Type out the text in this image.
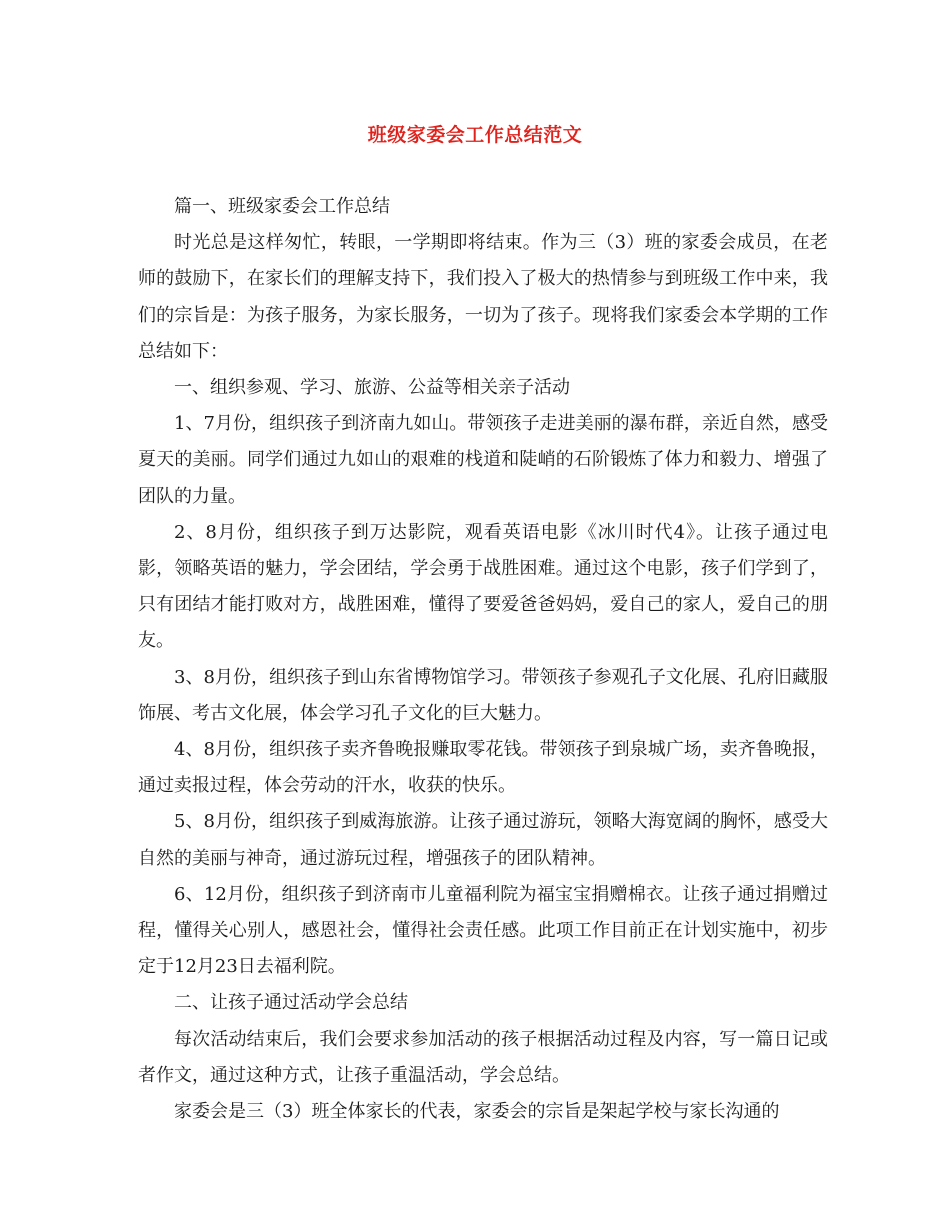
班级家委会工作总结范文

篇一、班级家委会工作总结

时光总是这样匆忙，转眼，一学期即将结束。作为三（3）班的家委会成员，在老师的鼓励下，在家长们的理解支持下，我们投入了极大的热情参与到班级工作中来，我们的宗旨是：为孩子服务，为家长服务，一切为了孩子。现将我们家委会本学期的工作总结如下：

一、组织参观、学习、旅游、公益等相关亲子活动

1、7月份，组织孩子到济南九如山。带领孩子走进美丽的瀑布群，亲近自然，感受夏天的美丽。同学们通过九如山的艰难的栈道和陡峭的石阶锻炼了体力和毅力、增强了团队的力量。

2、8月份，组织孩子到万达影院，观看英语电影《冰川时代4》。让孩子通过电影，领略英语的魅力，学会团结，学会勇于战胜困难。通过这个电影，孩子们学到了，只有团结才能打败对方，战胜困难，懂得了要爱爸爸妈妈，爱自己的家人，爱自己的朋友。

3、8月份，组织孩子到山东省博物馆学习。带领孩子参观孔子文化展、孔府旧藏服饰展、考古文化展，体会学习孔子文化的巨大魅力。

4、8月份，组织孩子卖齐鲁晚报赚取零花钱。带领孩子到泉城广场，卖齐鲁晚报，通过卖报过程，体会劳动的汗水，收获的快乐。

5、8月份，组织孩子到威海旅游。让孩子通过游玩，领略大海宽阔的胸怀，感受大自然的美丽与神奇，通过游玩过程，增强孩子的团队精神。

6、12月份，组织孩子到济南市儿童福利院为福宝宝捐赠棉衣。让孩子通过捐赠过程，懂得关心别人，感恩社会，懂得社会责任感。此项工作目前正在计划实施中，初步定于12月23日去福利院。

二、让孩子通过活动学会总结

每次活动结束后，我们会要求参加活动的孩子根据活动过程及内容，写一篇日记或者作文，通过这种方式，让孩子重温活动，学会总结。

家委会是三（3）班全体家长的代表，家委会的宗旨是架起学校与家长沟通的
